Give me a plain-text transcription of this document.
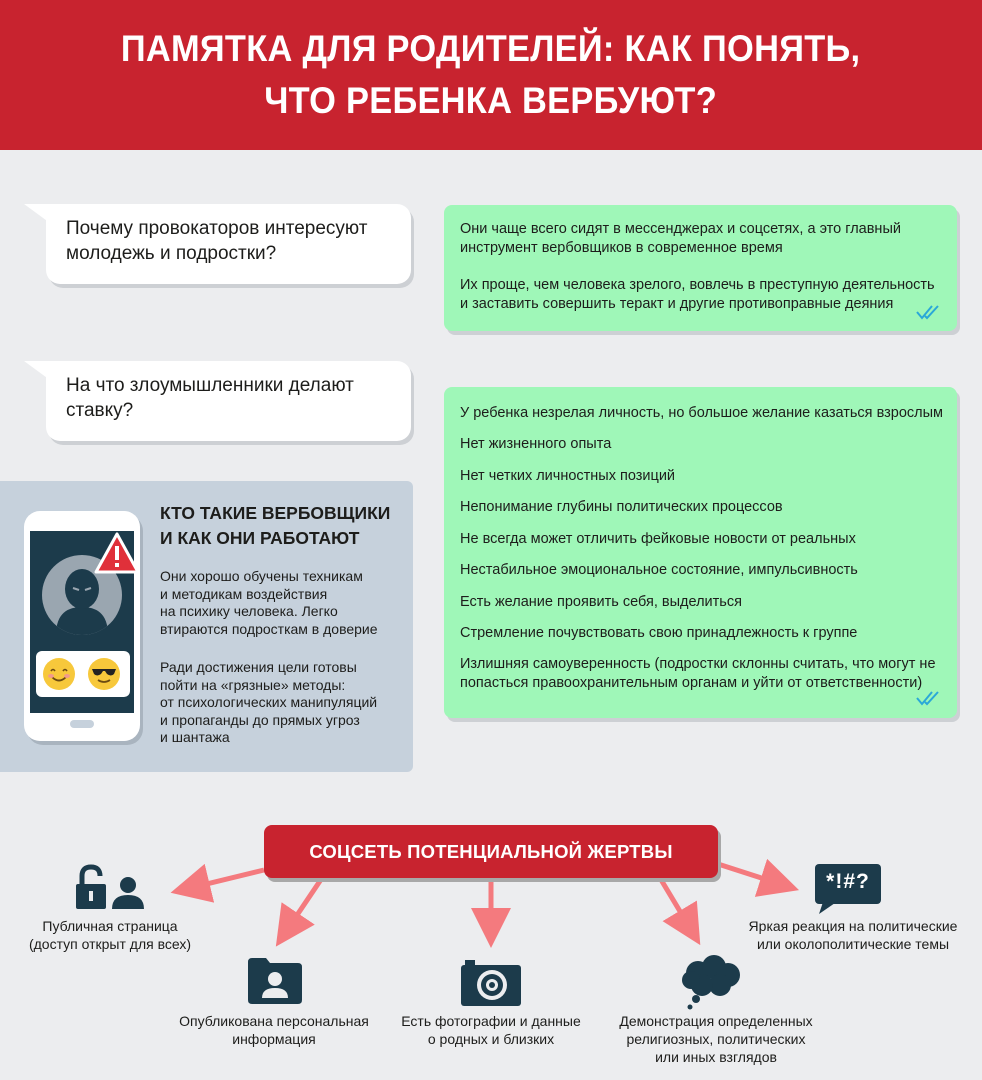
ПАМЯТКА ДЛЯ РОДИТЕЛЕЙ: КАК ПОНЯТЬ,
ЧТО РЕБЕНКА ВЕРБУЮТ?
Почему провокаторов интересуют
молодежь и подростки?

Они чаще всего сидят в мессенджерах и соцсетях, а это главный
инструмент вербовщиков в современное время

Их проще, чем человека зрелого, вовлечь в преступную деятельность
и заставить совершить теракт и другие противоправные деяния

На что злоумышленники делают
ставку?	У ребенка незрелая личность, но большое желание казаться взрослым

Нет жизненного опыта

Нет четких личностных позиций

Непонимание глубины политических процессов

Не всегда может отличить фейковые новости от реальных

Нестабильное эмоциональное состояние, импульсивность

Есть желание проявить себя, выделиться

Стремление почувствовать свою принадлежность к группе

Излишняя самоуверенность (подростки склонны считать, что могут не
попасться правоохранительным органам и уйти от ответственности)

КТО ТАКИЕ ВЕРБОВЩИКИ
И КАК ОНИ РАБОТАЮТ

Они хорошо обучены техникам
и методикам воздействия
на психику человека. Легко
втираются подросткам в доверие

Ради достижения цели готовы
пойти на «грязные» методы:
от психологических манипуляций
и пропаганды до прямых угроз
и шантажа

СОЦСЕТЬ ПОТЕНЦИАЛЬНОЙ ЖЕРТВЫ
Публичная страница
(доступ открыт для всех)
Опубликована персональная
информация
Есть фотографии и данные
о родных и близких
Демонстрация определенных
религиозных, политических
или иных взглядов
*!#?
Яркая реакция на политические
или околополитические темы
